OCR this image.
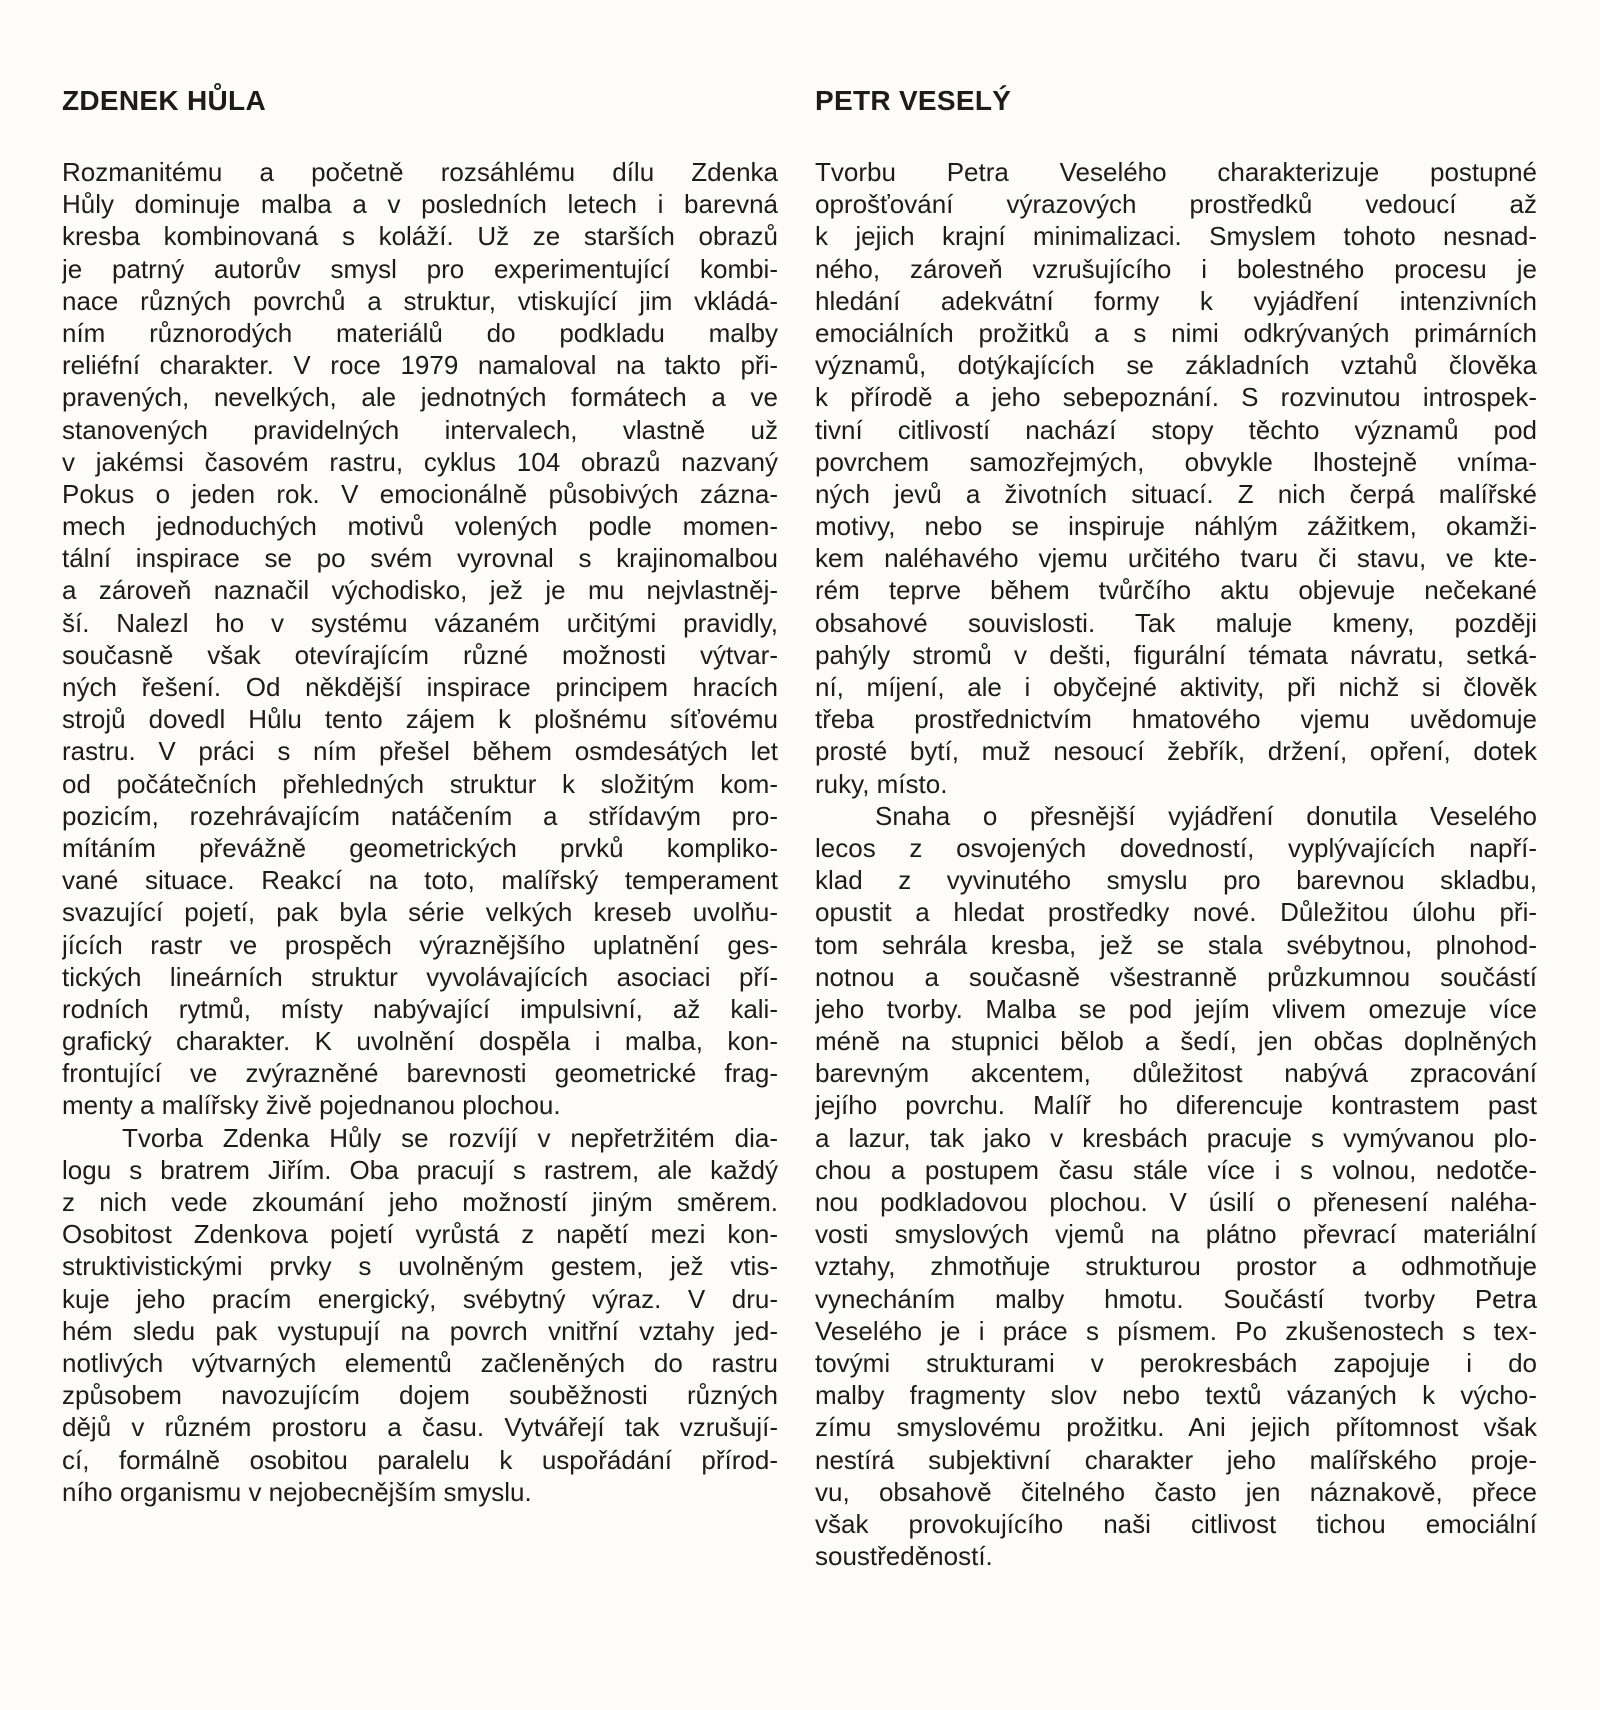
ZDENEK HŮLA
Rozmanitému a početně rozsáhlému dílu Zdenka
Hůly dominuje malba a v posledních letech i barevná
kresba kombinovaná s koláží. Už ze starších obrazů
je patrný autorův smysl pro experimentující kombi-
nace různých povrchů a struktur, vtiskující jim vkládá-
ním různorodých materiálů do podkladu malby
reliéfní charakter. V roce 1979 namaloval na takto při-
pravených, nevelkých, ale jednotných formátech a ve
stanovených pravidelných intervalech, vlastně už
v jakémsi časovém rastru, cyklus 104 obrazů nazvaný
Pokus o jeden rok. V emocionálně působivých zázna-
mech jednoduchých motivů volených podle momen-
tální inspirace se po svém vyrovnal s krajinomalbou
a zároveň naznačil východisko, jež je mu nejvlastněj-
ší. Nalezl ho v systému vázaném určitými pravidly,
současně však otevírajícím různé možnosti výtvar-
ných řešení. Od někdější inspirace principem hracích
strojů dovedl Hůlu tento zájem k plošnému síťovému
rastru. V práci s ním přešel během osmdesátých let
od počátečních přehledných struktur k složitým kom-
pozicím, rozehrávajícím natáčením a střídavým pro-
mítáním převážně geometrických prvků kompliko-
vané situace. Reakcí na toto, malířský temperament
svazující pojetí, pak byla série velkých kreseb uvolňu-
jících rastr ve prospěch výraznějšího uplatnění ges-
tických lineárních struktur vyvolávajících asociaci pří-
rodních rytmů, místy nabývající impulsivní, až kali-
grafický charakter. K uvolnění dospěla i malba, kon-
frontující ve zvýrazněné barevnosti geometrické frag-
menty a malířsky živě pojednanou plochou.
Tvorba Zdenka Hůly se rozvíjí v nepřetržitém dia-
logu s bratrem Jiřím. Oba pracují s rastrem, ale každý
z nich vede zkoumání jeho možností jiným směrem.
Osobitost Zdenkova pojetí vyrůstá z napětí mezi kon-
struktivistickými prvky s uvolněným gestem, jež vtis-
kuje jeho pracím energický, svébytný výraz. V dru-
hém sledu pak vystupují na povrch vnitřní vztahy jed-
notlivých výtvarných elementů začleněných do rastru
způsobem navozujícím dojem souběžnosti různých
dějů v různém prostoru a času. Vytvářejí tak vzrušují-
cí, formálně osobitou paralelu k uspořádání přírod-
ního organismu v nejobecnějším smyslu.
PETR VESELÝ
Tvorbu Petra Veselého charakterizuje postupné
oprošťování výrazových prostředků vedoucí až
k jejich krajní minimalizaci. Smyslem tohoto nesnad-
ného, zároveň vzrušujícího i bolestného procesu je
hledání adekvátní formy k vyjádření intenzivních
emociálních prožitků a s nimi odkrývaných primárních
významů, dotýkajících se základních vztahů člověka
k přírodě a jeho sebepoznání. S rozvinutou introspek-
tivní citlivostí nachází stopy těchto významů pod
povrchem samozřejmých, obvykle lhostejně vníma-
ných jevů a životních situací. Z nich čerpá malířské
motivy, nebo se inspiruje náhlým zážitkem, okamži-
kem naléhavého vjemu určitého tvaru či stavu, ve kte-
rém teprve během tvůrčího aktu objevuje nečekané
obsahové souvislosti. Tak maluje kmeny, později
pahýly stromů v dešti, figurální témata návratu, setká-
ní, míjení, ale i obyčejné aktivity, při nichž si člověk
třeba prostřednictvím hmatového vjemu uvědomuje
prosté bytí, muž nesoucí žebřík, držení, opření, dotek
ruky, místo.
Snaha o přesnější vyjádření donutila Veselého
lecos z osvojených dovedností, vyplývajících napří-
klad z vyvinutého smyslu pro barevnou skladbu,
opustit a hledat prostředky nové. Důležitou úlohu při-
tom sehrála kresba, jež se stala svébytnou, plnohod-
notnou a současně všestranně průzkumnou součástí
jeho tvorby. Malba se pod jejím vlivem omezuje více
méně na stupnici bělob a šedí, jen občas doplněných
barevným akcentem, důležitost nabývá zpracování
jejího povrchu. Malíř ho diferencuje kontrastem past
a lazur, tak jako v kresbách pracuje s vymývanou plo-
chou a postupem času stále více i s volnou, nedotče-
nou podkladovou plochou. V úsilí o přenesení naléha-
vosti smyslových vjemů na plátno převrací materiální
vztahy, zhmotňuje strukturou prostor a odhmotňuje
vynecháním malby hmotu. Součástí tvorby Petra
Veselého je i práce s písmem. Po zkušenostech s tex-
tovými strukturami v perokresbách zapojuje i do
malby fragmenty slov nebo textů vázaných k výcho-
zímu smyslovému prožitku. Ani jejich přítomnost však
nestírá subjektivní charakter jeho malířského proje-
vu, obsahově čitelného často jen náznakově, přece
však provokujícího naši citlivost tichou emociální
soustředěností.
